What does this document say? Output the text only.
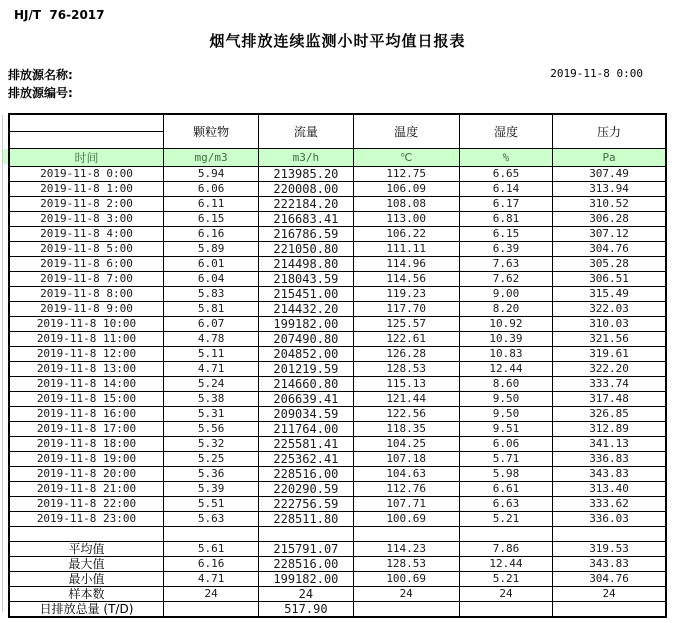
HJ/T  76-2017
烟气排放连续监测小时平均值日报表
排放源名称:
排放源编号:
2019-11-8 0:00
	颗粒物	流量	温度	湿度	压力

时间	mg/m3	m3/h	℃	%	Pa
2019-11-8 0:00	5.94	213985.20	112.75	6.65	307.49
2019-11-8 1:00	6.06	220008.00	106.09	6.14	313.94
2019-11-8 2:00	6.11	222184.20	108.08	6.17	310.52
2019-11-8 3:00	6.15	216683.41	113.00	6.81	306.28
2019-11-8 4:00	6.16	216786.59	106.22	6.15	307.12
2019-11-8 5:00	5.89	221050.80	111.11	6.39	304.76
2019-11-8 6:00	6.01	214498.80	114.96	7.63	305.28
2019-11-8 7:00	6.04	218043.59	114.56	7.62	306.51
2019-11-8 8:00	5.83	215451.00	119.23	9.00	315.49
2019-11-8 9:00	5.81	214432.20	117.70	8.20	322.03
2019-11-8 10:00	6.07	199182.00	125.57	10.92	310.03
2019-11-8 11:00	4.78	207490.80	122.61	10.39	321.56
2019-11-8 12:00	5.11	204852.00	126.28	10.83	319.61
2019-11-8 13:00	4.71	201219.59	128.53	12.44	322.20
2019-11-8 14:00	5.24	214660.80	115.13	8.60	333.74
2019-11-8 15:00	5.38	206639.41	121.44	9.50	317.48
2019-11-8 16:00	5.31	209034.59	122.56	9.50	326.85
2019-11-8 17:00	5.56	211764.00	118.35	9.51	312.89
2019-11-8 18:00	5.32	225581.41	104.25	6.06	341.13
2019-11-8 19:00	5.25	225362.41	107.18	5.71	336.83
2019-11-8 20:00	5.36	228516.00	104.63	5.98	343.83
2019-11-8 21:00	5.39	220290.59	112.76	6.61	313.40
2019-11-8 22:00	5.51	222756.59	107.71	6.63	333.62
2019-11-8 23:00	5.63	228511.80	100.69	5.21	336.03

平均值	5.61	215791.07	114.23	7.86	319.53
最大值	6.16	228516.00	128.53	12.44	343.83
最小值	4.71	199182.00	100.69	5.21	304.76
样本数	24	24	24	24	24
日排放总量 (T/D)		517.90			
